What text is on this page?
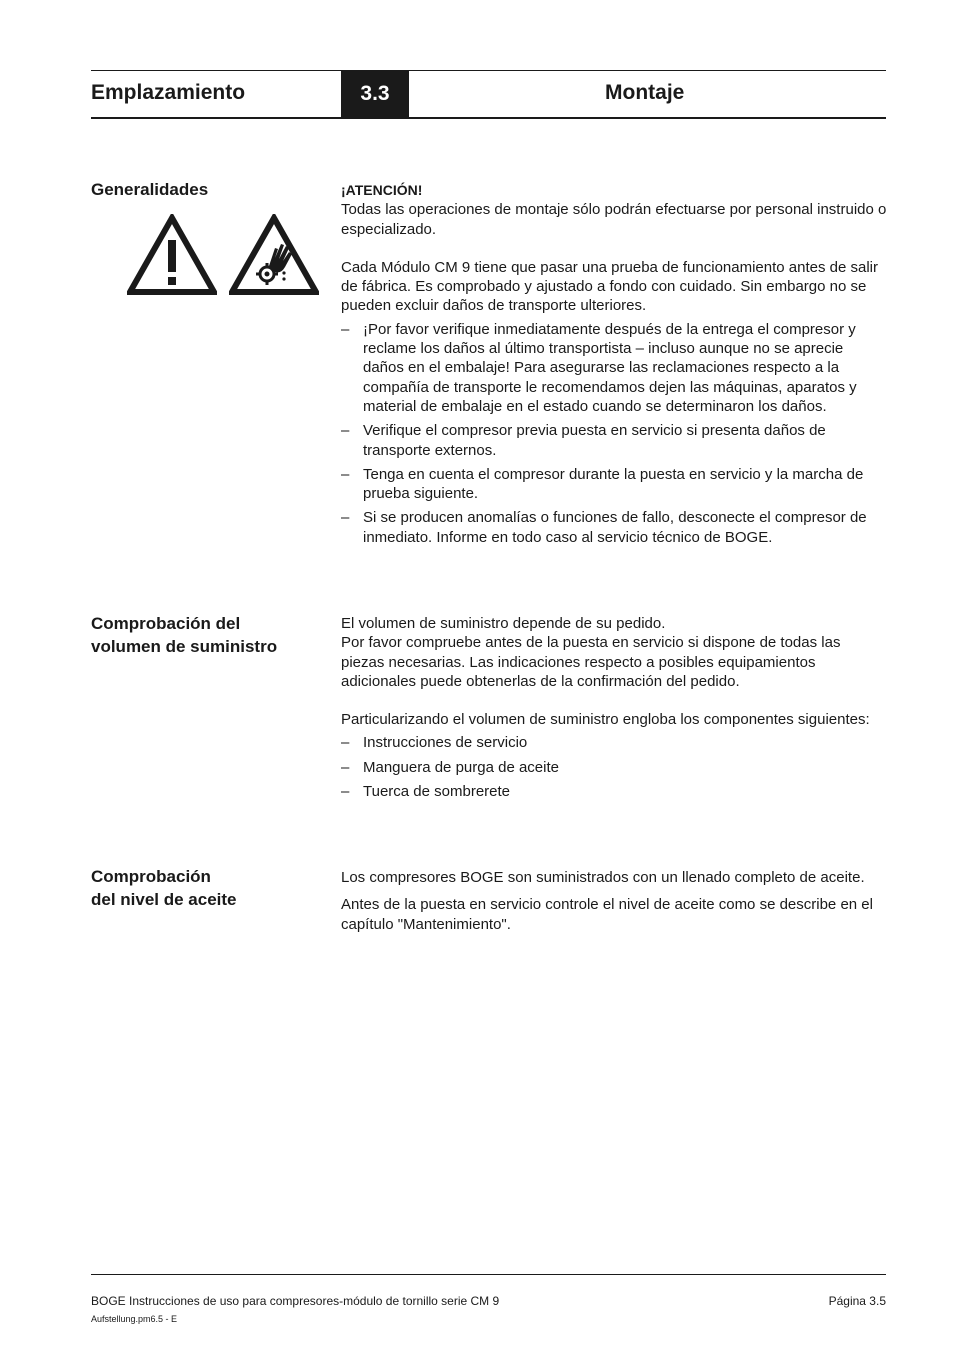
Emplazamiento	3.3	Montaje
Generalidades	¡ATENCIÓN!

Todas las operaciones de montaje sólo podrán efectuarse por personal instruido o especializado.

Cada Módulo CM 9 tiene que pasar una prueba de funcionamiento antes de salir de fábrica. Es comprobado y ajustado a fondo con cuidado. Sin embargo no se pueden excluir daños de transporte ulteriores.

– ¡Por favor verifique inmediatamente después de la entrega el compresor y reclame los daños al último transportista – incluso aunque no se aprecie daños en el embalaje! Para asegurarse las reclamaciones respecto a la compañía de transporte le recomendamos dejen las máquinas, aparatos y material de embalaje en el estado cuando se determinaron los daños.
– Verifique el compresor previa puesta en servicio si presenta daños de transporte externos.
– Tenga en cuenta el compresor durante la puesta en servicio y la marcha de prueba siguiente.
– Si se producen anomalías o funciones de fallo, desconecte el compresor de inmediato. Informe en todo caso al servicio técnico de BOGE.
Comprobación del
volumen de suministro

El volumen de suministro depende de su pedido.

Por favor compruebe antes de la puesta en servicio si dispone de todas las piezas necesarias. Las indicaciones respecto a posibles equipamientos adicionales puede obtenerlas de la confirmación del pedido.

Particularizando el volumen de suministro engloba los componentes siguientes:

– Instrucciones de servicio
– Manguera de purga de aceite
– Tuerca de sombrerete
Comprobación
del nivel de aceite

Los compresores BOGE son suministrados con un llenado completo de aceite.

Antes de la puesta en servicio controle el nivel de aceite como se describe en el capítulo "Mantenimiento".

BOGE Instrucciones de uso para compresores-módulo de tornillo serie CM 9
Aufstellung.pm6.5 - E
Página 3.5
